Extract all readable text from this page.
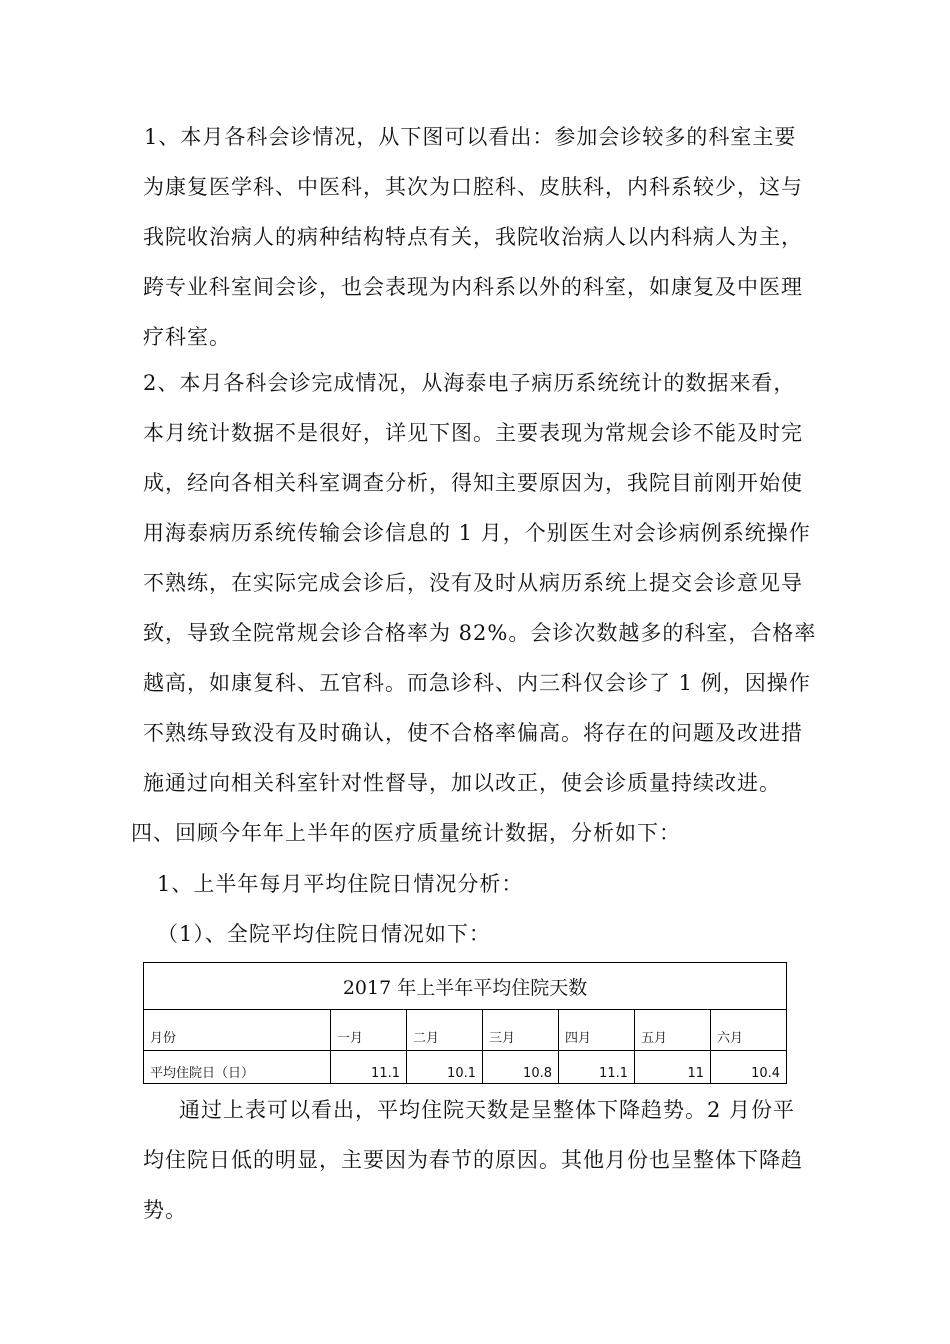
1、本月各科会诊情况，从下图可以看出：参加会诊较多的科室主要
为康复医学科、中医科，其次为口腔科、皮肤科，内科系较少，这与
我院收治病人的病种结构特点有关，我院收治病人以内科病人为主，
跨专业科室间会诊，也会表现为内科系以外的科室，如康复及中医理
疗科室。
2、本月各科会诊完成情况，从海泰电子病历系统统计的数据来看，
本月统计数据不是很好，详见下图。主要表现为常规会诊不能及时完
成，经向各相关科室调查分析，得知主要原因为，我院目前刚开始使
用海泰病历系统传输会诊信息的 1 月，个别医生对会诊病例系统操作
不熟练，在实际完成会诊后，没有及时从病历系统上提交会诊意见导
致，导致全院常规会诊合格率为 82%。会诊次数越多的科室，合格率
越高，如康复科、五官科。而急诊科、内三科仅会诊了 1 例，因操作
不熟练导致没有及时确认，使不合格率偏高。将存在的问题及改进措
施通过向相关科室针对性督导，加以改正，使会诊质量持续改进。

四、回顾今年年上半年的医疗质量统计数据，分析如下：

1、上半年每月平均住院日情况分析：

（1）、全院平均住院日情况如下：

2017 年上半年平均住院天数						
月份	一月	二月	三月	四月	五月	六月
平均住院日（日）	11.1	10.1	10.8	11.1	11	10.4
通过上表可以看出，平均住院天数是呈整体下降趋势。2 月份平
均住院日低的明显，主要因为春节的原因。其他月份也呈整体下降趋
势。
